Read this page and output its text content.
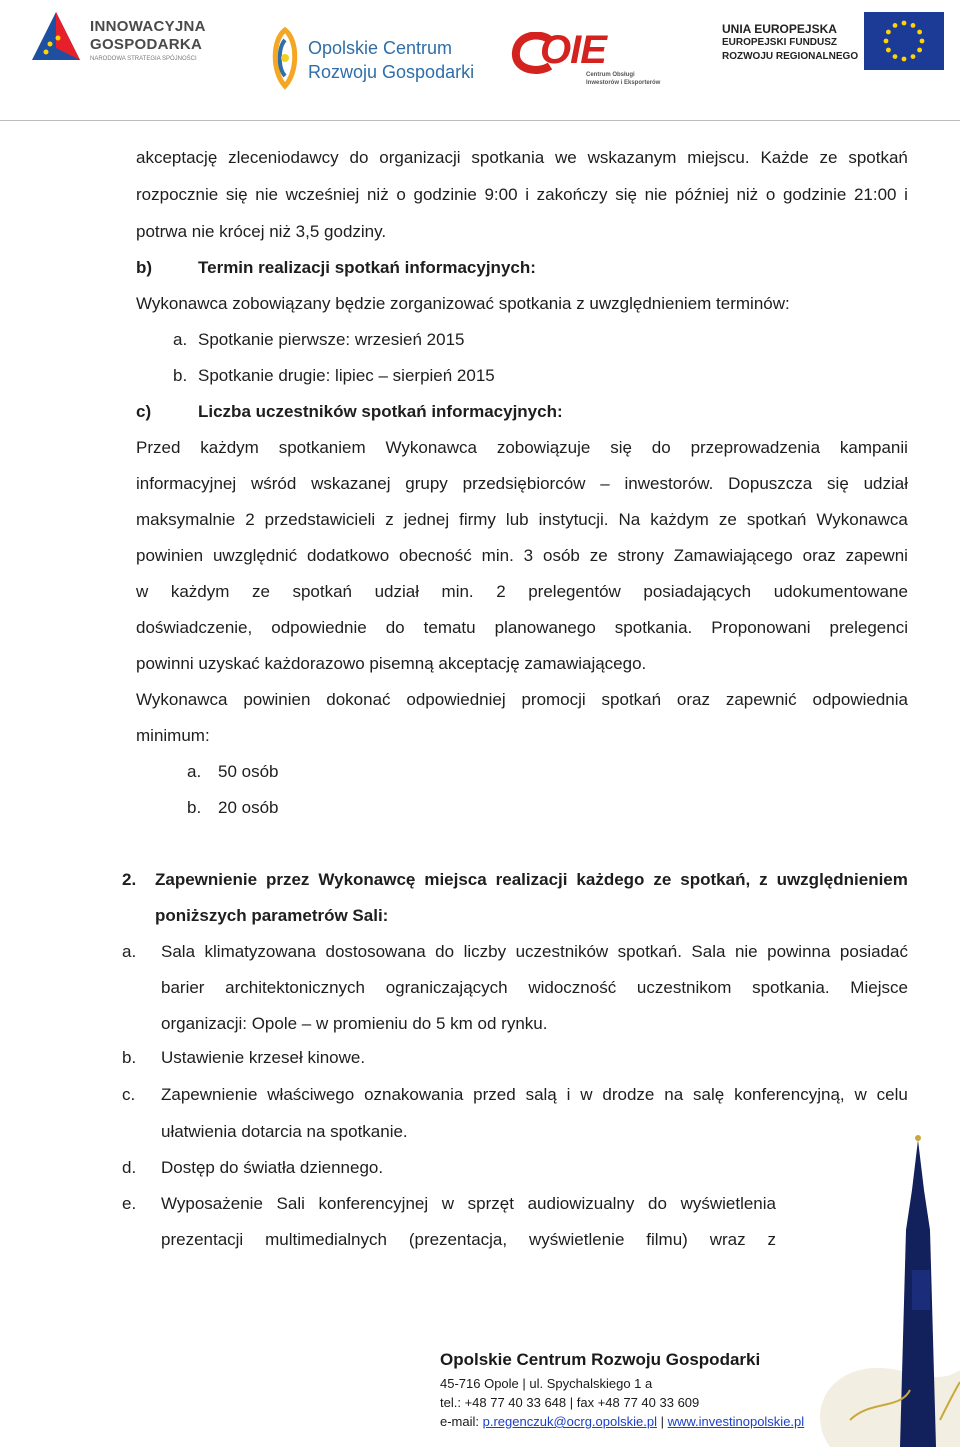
INNOWACYJNA
GOSPODARKA
NARODOWA STRATEGIA SPÓJNOŚCI
Opolskie Centrum
Rozwoju Gospodarki OIE
Centrum Obsługi
Inwestorów i Eksporterów
UNIA EUROPEJSKA
EUROPEJSKI FUNDUSZ
ROZWOJU REGIONALNEGO
akceptację zleceniodawcy do organizacji spotkania we wskazanym miejscu. Każde ze spotkań
rozpocznie się nie wcześniej niż o godzinie 9:00 i zakończy się nie później niż o godzinie 21:00 i
potrwa nie krócej niż 3,5 godziny.
b)	Termin realizacji spotkań informacyjnych:
Wykonawca zobowiązany będzie zorganizować spotkania z uwzględnieniem terminów:
a. Spotkanie pierwsze: wrzesień 2015
b. Spotkanie drugie: lipiec – sierpień 2015
c)	Liczba uczestników spotkań informacyjnych:
Przed każdym spotkaniem Wykonawca zobowiązuje się do przeprowadzenia kampanii
informacyjnej wśród wskazanej grupy przedsiębiorców – inwestorów. Dopuszcza się udział
maksymalnie 2 przedstawicieli z jednej firmy lub instytucji. Na każdym ze spotkań Wykonawca
powinien uwzględnić dodatkowo obecność min. 3 osób ze strony Zamawiającego oraz zapewni
w każdym ze spotkań udział min. 2 prelegentów posiadających udokumentowane
doświadczenie, odpowiednie do tematu planowanego spotkania. Proponowani prelegenci
powinni uzyskać każdorazowo pisemną akceptację zamawiającego.
Wykonawca powinien dokonać odpowiedniej promocji spotkań oraz zapewnić odpowiednia
minimum:
a. 50 osób
b. 20 osób
2. Zapewnienie przez Wykonawcę miejsca realizacji każdego ze spotkań, z uwzględnieniem
poniższych parametrów Sali:
a. Sala klimatyzowana dostosowana do liczby uczestników spotkań. Sala nie powinna posiadać
barier architektonicznych ograniczających widoczność uczestnikom spotkania. Miejsce
organizacji: Opole – w promieniu do 5 km od rynku.
b. Ustawienie krzeseł kinowe.
c. Zapewnienie właściwego oznakowania przed salą i w drodze na salę konferencyjną, w celu
ułatwienia dotarcia na spotkanie.
d. Dostęp do światła dziennego.
e. Wyposażenie Sali konferencyjnej w sprzęt audiowizualny do wyświetlenia
prezentacji multimedialnych (prezentacja, wyświetlenie filmu) wraz z
Opolskie Centrum Rozwoju Gospodarki
45-716 Opole | ul. Spychalskiego 1 a
tel.: +48 77 40 33 648 | fax +48 77 40 33 609
e-mail: p.regenczuk@ocrg.opolskie.pl | www.investinopolskie.pl
